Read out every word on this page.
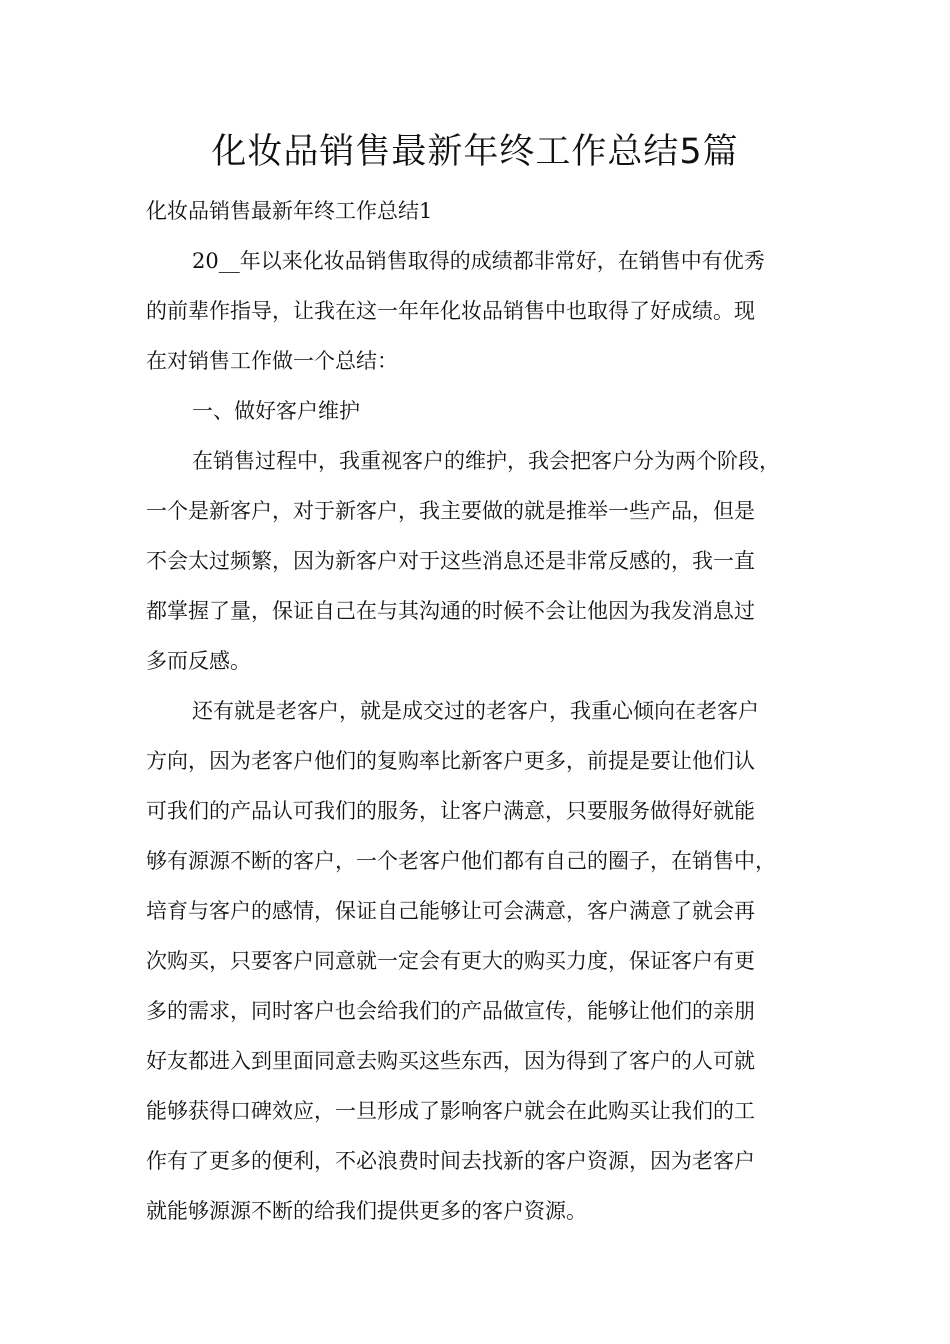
化妆品销售最新年终工作总结5篇
化妆品销售最新年终工作总结1
20__年以来化妆品销售取得的成绩都非常好，在销售中有优秀
的前辈作指导，让我在这一年年化妆品销售中也取得了好成绩。现
在对销售工作做一个总结：
一、做好客户维护
在销售过程中，我重视客户的维护，我会把客户分为两个阶段，
一个是新客户，对于新客户，我主要做的就是推举一些产品，但是
不会太过频繁，因为新客户对于这些消息还是非常反感的，我一直
都掌握了量，保证自己在与其沟通的时候不会让他因为我发消息过
多而反感。
还有就是老客户，就是成交过的老客户，我重心倾向在老客户
方向，因为老客户他们的复购率比新客户更多，前提是要让他们认
可我们的产品认可我们的服务，让客户满意，只要服务做得好就能
够有源源不断的客户，一个老客户他们都有自己的圈子，在销售中，
培育与客户的感情，保证自己能够让可会满意，客户满意了就会再
次购买，只要客户同意就一定会有更大的购买力度，保证客户有更
多的需求，同时客户也会给我们的产品做宣传，能够让他们的亲朋
好友都进入到里面同意去购买这些东西，因为得到了客户的人可就
能够获得口碑效应，一旦形成了影响客户就会在此购买让我们的工
作有了更多的便利，不必浪费时间去找新的客户资源，因为老客户
就能够源源不断的给我们提供更多的客户资源。
